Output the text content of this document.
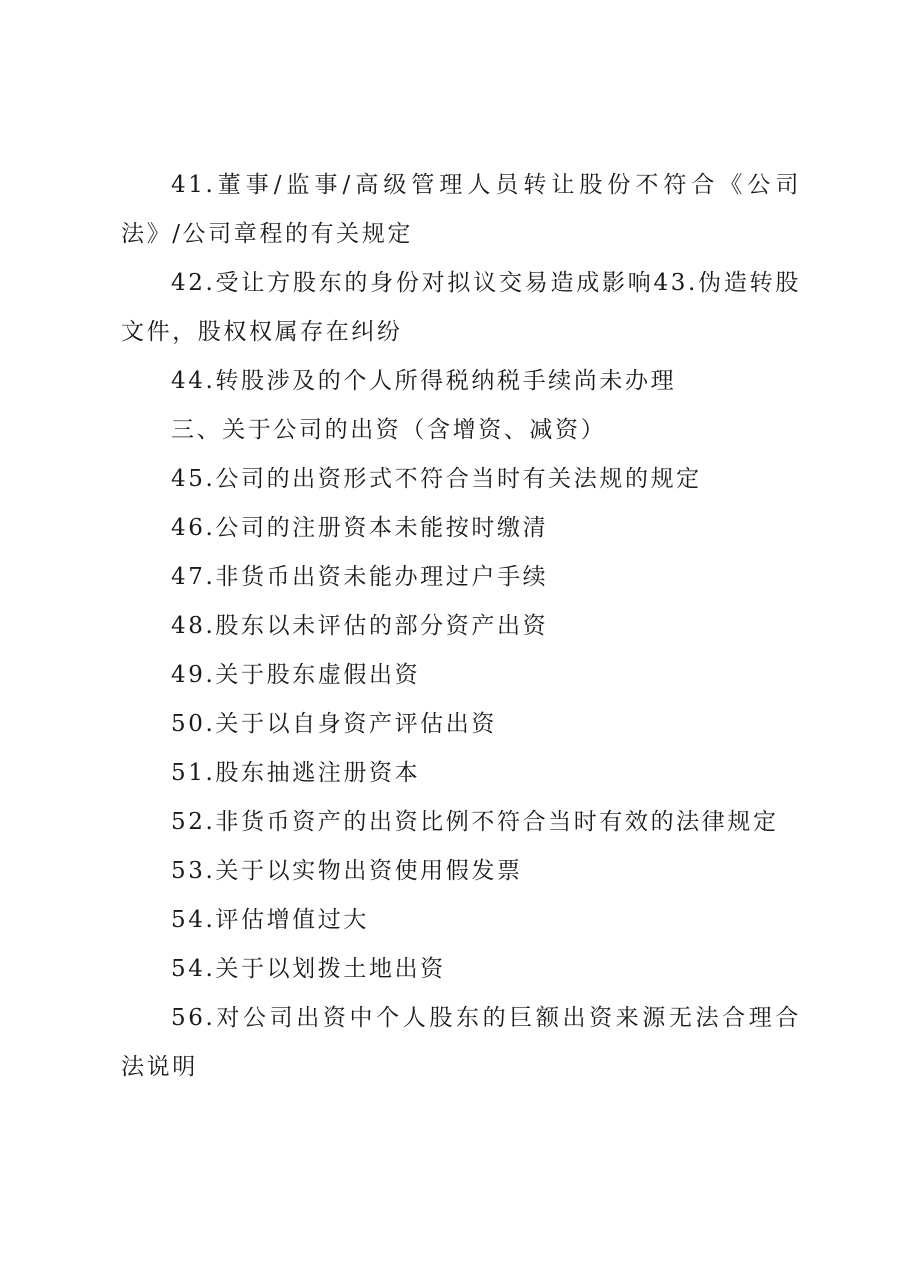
41.董事/监事/高级管理人员转让股份不符合《公司法》/公司章程的有关规定

42.受让方股东的身份对拟议交易造成影响43.伪造转股文件，股权权属存在纠纷

44.转股涉及的个人所得税纳税手续尚未办理

三、关于公司的出资（含增资、减资）

45.公司的出资形式不符合当时有关法规的规定

46.公司的注册资本未能按时缴清

47.非货币出资未能办理过户手续

48.股东以未评估的部分资产出资

49.关于股东虚假出资

50.关于以自身资产评估出资

51.股东抽逃注册资本

52.非货币资产的出资比例不符合当时有效的法律规定

53.关于以实物出资使用假发票

54.评估增值过大

54.关于以划拨土地出资

56.对公司出资中个人股东的巨额出资来源无法合理合法说明
